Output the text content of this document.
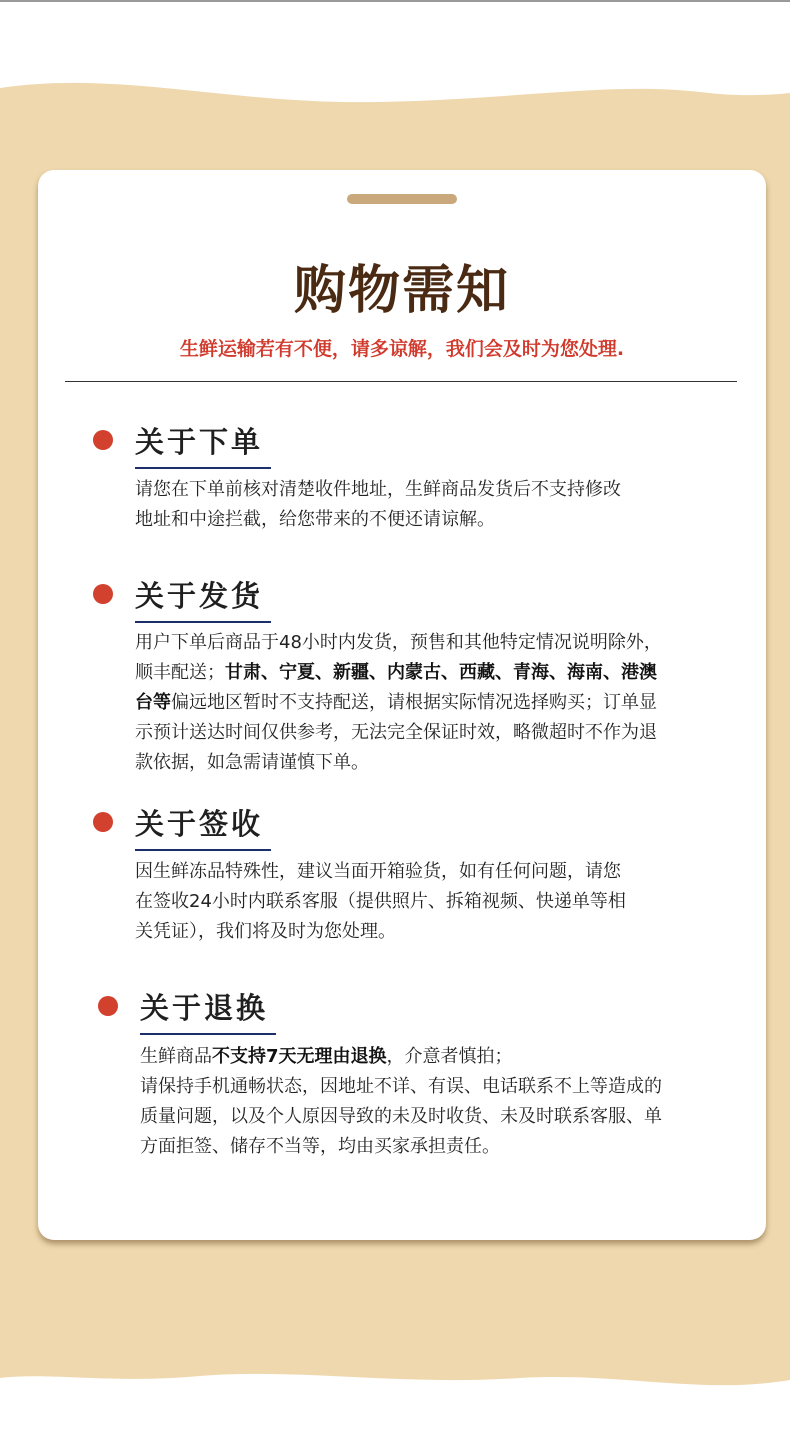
购物需知
生鲜运输若有不便，请多谅解，我们会及时为您处理.
关于下单
请您在下单前核对清楚收件地址，生鲜商品发货后不支持修改
地址和中途拦截，给您带来的不便还请谅解。
关于发货
用户下单后商品于48小时内发货，预售和其他特定情况说明除外，
顺丰配送；甘肃、宁夏、新疆、内蒙古、西藏、青海、海南、港澳
台等偏远地区暂时不支持配送，请根据实际情况选择购买；订单显
示预计送达时间仅供参考，无法完全保证时效，略微超时不作为退
款依据，如急需请谨慎下单。
关于签收
因生鲜冻品特殊性，建议当面开箱验货，如有任何问题，请您
在签收24小时内联系客服（提供照片、拆箱视频、快递单等相
关凭证），我们将及时为您处理。
关于退换
生鲜商品不支持7天无理由退换，介意者慎拍；
请保持手机通畅状态，因地址不详、有误、电话联系不上等造成的
质量问题，以及个人原因导致的未及时收货、未及时联系客服、单
方面拒签、储存不当等，均由买家承担责任。
